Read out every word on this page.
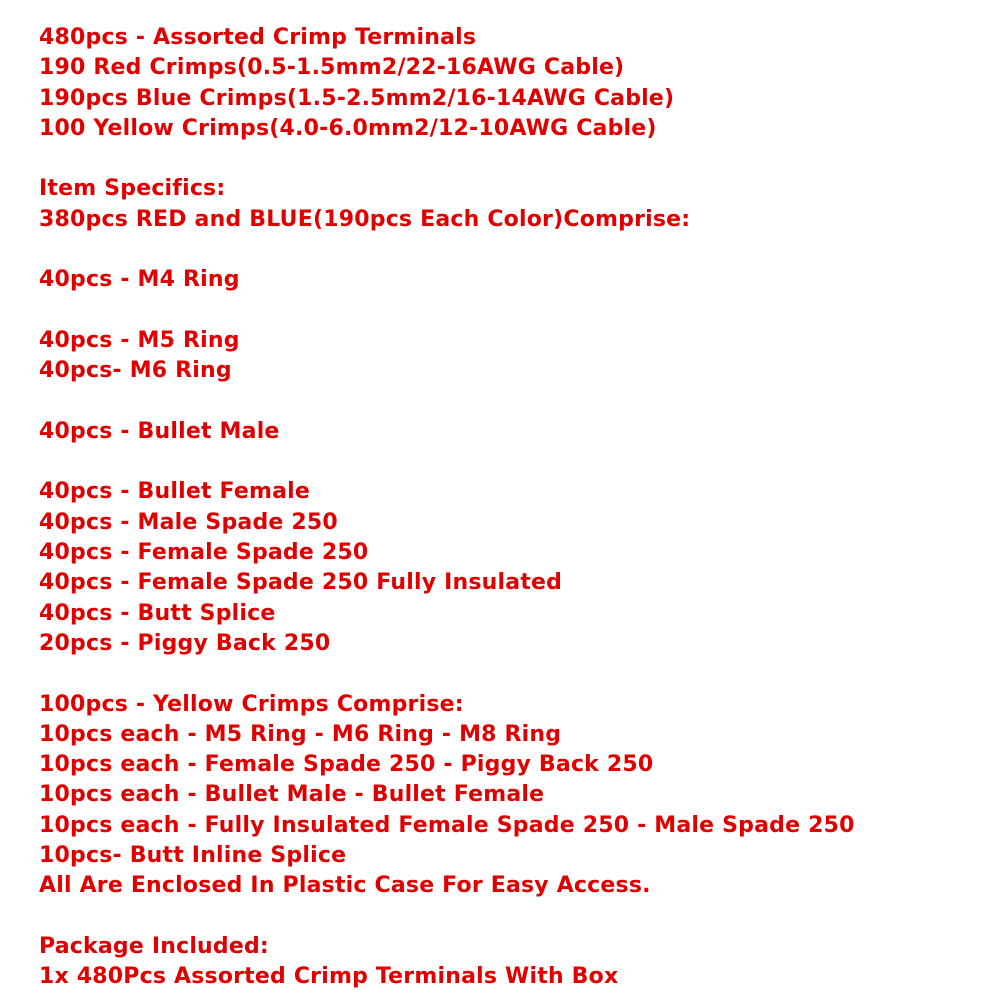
480pcs - Assorted Crimp Terminals
190 Red Crimps(0.5-1.5mm2/22-16AWG Cable)
190pcs Blue Crimps(1.5-2.5mm2/16-14AWG Cable)
100 Yellow Crimps(4.0-6.0mm2/12-10AWG Cable)
Item Specifics:
380pcs RED and BLUE(190pcs Each Color)Comprise:
40pcs - M4 Ring
40pcs - M5 Ring
40pcs- M6 Ring
40pcs - Bullet Male
40pcs - Bullet Female
40pcs - Male Spade 250
40pcs - Female Spade 250
40pcs - Female Spade 250 Fully Insulated
40pcs - Butt Splice
20pcs - Piggy Back 250
100pcs - Yellow Crimps Comprise:
10pcs each - M5 Ring - M6 Ring - M8 Ring
10pcs each - Female Spade 250 - Piggy Back 250
10pcs each - Bullet Male - Bullet Female
10pcs each - Fully Insulated Female Spade 250 - Male Spade 250
10pcs- Butt Inline Splice
All Are Enclosed In Plastic Case For Easy Access.
Package Included:
1x 480Pcs Assorted Crimp Terminals With Box
